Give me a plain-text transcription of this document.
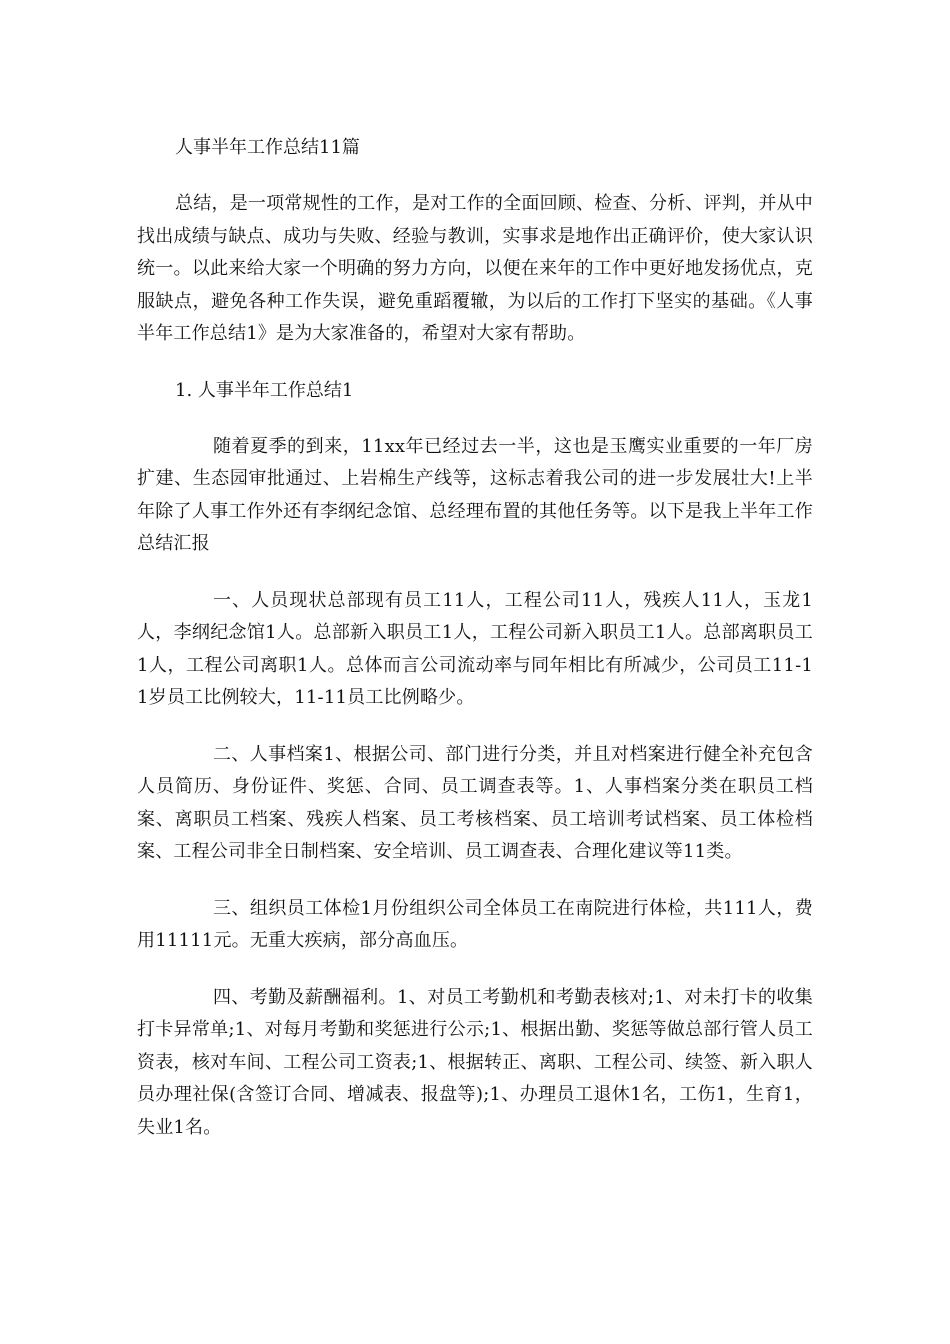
人事半年工作总结11篇

总结，是一项常规性的工作，是对工作的全面回顾、检查、分析、评判，并从中找出成绩与缺点、成功与失败、经验与教训，实事求是地作出正确评价，使大家认识统一。以此来给大家一个明确的努力方向，以便在来年的工作中更好地发扬优点，克服缺点，避免各种工作失误，避免重蹈覆辙，为以后的工作打下坚实的基础。《人事半年工作总结1》是为大家准备的，希望对大家有帮助。

1. 人事半年工作总结1

随着夏季的到来，11xx年已经过去一半，这也是玉鹰实业重要的一年厂房扩建、生态园审批通过、上岩棉生产线等，这标志着我公司的进一步发展壮大!上半年除了人事工作外还有李纲纪念馆、总经理布置的其他任务等。以下是我上半年工作总结汇报

一、人员现状总部现有员工11人，工程公司11人，残疾人11人，玉龙1人，李纲纪念馆1人。总部新入职员工1人，工程公司新入职员工1人。总部离职员工1人，工程公司离职1人。总体而言公司流动率与同年相比有所减少，公司员工11-11岁员工比例较大，11-11员工比例略少。

二、人事档案1、根据公司、部门进行分类，并且对档案进行健全补充包含人员简历、身份证件、奖惩、合同、员工调查表等。1、人事档案分类在职员工档案、离职员工档案、残疾人档案、员工考核档案、员工培训考试档案、员工体检档案、工程公司非全日制档案、安全培训、员工调查表、合理化建议等11类。

三、组织员工体检1月份组织公司全体员工在南院进行体检，共111人，费用11111元。无重大疾病，部分高血压。

四、考勤及薪酬福利。1、对员工考勤机和考勤表核对;1、对未打卡的收集打卡异常单;1、对每月考勤和奖惩进行公示;1、根据出勤、奖惩等做总部行管人员工资表，核对车间、工程公司工资表;1、根据转正、离职、工程公司、续签、新入职人员办理社保(含签订合同、增减表、报盘等);1、办理员工退休1名，工伤1，生育1，失业1名。
